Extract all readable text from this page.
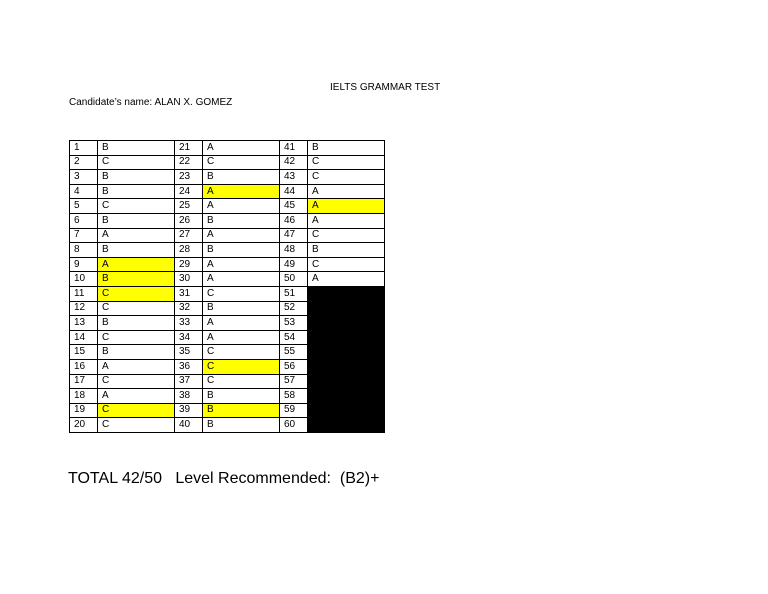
IELTS GRAMMAR TEST
Candidate’s name: ALAN X. GOMEZ
1	B	21	A	41	B
2	C	22	C	42	C
3	B	23	B	43	C
4	B	24	A	44	A
5	C	25	A	45	A
6	B	26	B	46	A
7	A	27	A	47	C
8	B	28	B	48	B
9	A	29	A	49	C
10	B	30	A	50	A
11	C	31	C	51	
12	C	32	B	52	
13	B	33	A	53	
14	C	34	A	54	
15	B	35	C	55	
16	A	36	C	56	
17	C	37	C	57	
18	A	38	B	58	
19	C	39	B	59	
20	C	40	B	60	
TOTAL 42/50 Level Recommended: (B2)+
